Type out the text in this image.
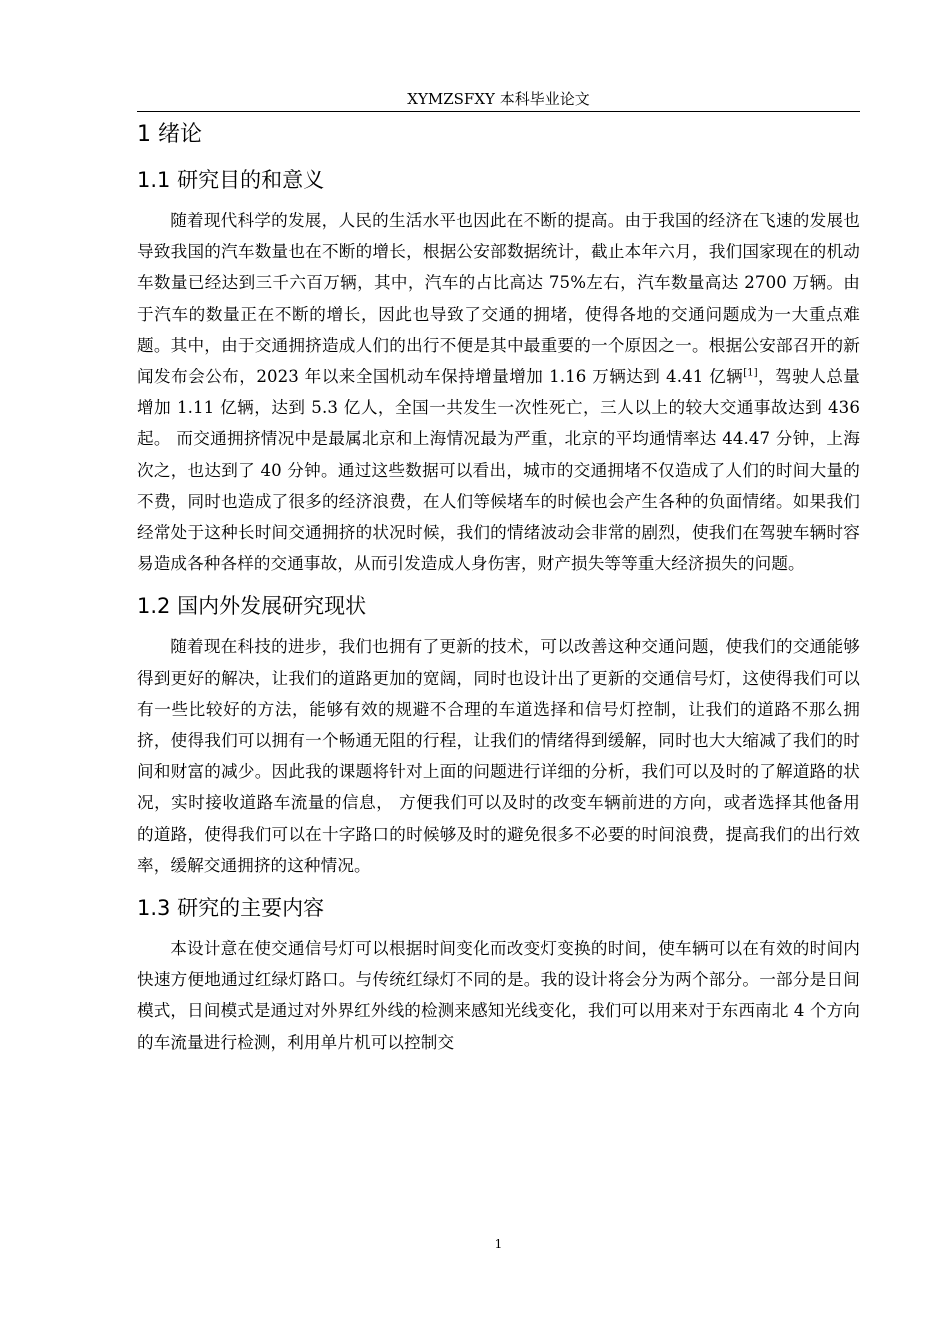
XYMZSFXY 本科毕业论文
1 绪论
1.1 研究目的和意义

随着现代科学的发展，人民的生活水平也因此在不断的提高。由于我国的经济在飞速的发展也导致我国的汽车数量也在不断的增长，根据公安部数据统计，截止本年六月，我们国家现在的机动车数量已经达到三千六百万辆，其中，汽车的占比高达 75%左右，汽车数量高达 2700 万辆。由于汽车的数量正在不断的增长，因此也导致了交通的拥堵，使得各地的交通问题成为一大重点难题。其中，由于交通拥挤造成人们的出行不便是其中最重要的一个原因之一。根据公安部召开的新闻发布会公布，2023 年以来全国机动车保持增量增加 1.16 万辆达到 4.41 亿辆[1]，驾驶人总量增加 1.11 亿辆，达到 5.3 亿人，全国一共发生一次性死亡，三人以上的较大交通事故达到 436 起。 而交通拥挤情况中是最属北京和上海情况最为严重，北京的平均通情率达 44.47 分钟，上海次之，也达到了 40 分钟。通过这些数据可以看出，城市的交通拥堵不仅造成了人们的时间大量的不费，同时也造成了很多的经济浪费，在人们等候堵车的时候也会产生各种的负面情绪。如果我们经常处于这种长时间交通拥挤的状况时候，我们的情绪波动会非常的剧烈，使我们在驾驶车辆时容易造成各种各样的交通事故，从而引发造成人身伤害，财产损失等等重大经济损失的问题。

1.2 国内外发展研究现状

随着现在科技的进步，我们也拥有了更新的技术，可以改善这种交通问题，使我们的交通能够得到更好的解决，让我们的道路更加的宽阔，同时也设计出了更新的交通信号灯，这使得我们可以有一些比较好的方法，能够有效的规避不合理的车道选择和信号灯控制，让我们的道路不那么拥挤，使得我们可以拥有一个畅通无阻的行程，让我们的情绪得到缓解，同时也大大缩减了我们的时间和财富的减少。因此我的课题将针对上面的问题进行详细的分析，我们可以及时的了解道路的状况，实时接收道路车流量的信息， 方便我们可以及时的改变车辆前进的方向，或者选择其他备用的道路，使得我们可以在十字路口的时候够及时的避免很多不必要的时间浪费，提高我们的出行效率，缓解交通拥挤的这种情况。

1.3 研究的主要内容

本设计意在使交通信号灯可以根据时间变化而改变灯变换的时间，使车辆可以在有效的时间内快速方便地通过红绿灯路口。与传统红绿灯不同的是。我的设计将会分为两个部分。一部分是日间模式，日间模式是通过对外界红外线的检测来感知光线变化，我们可以用来对于东西南北 4 个方向的车流量进行检测，利用单片机可以控制交

1
